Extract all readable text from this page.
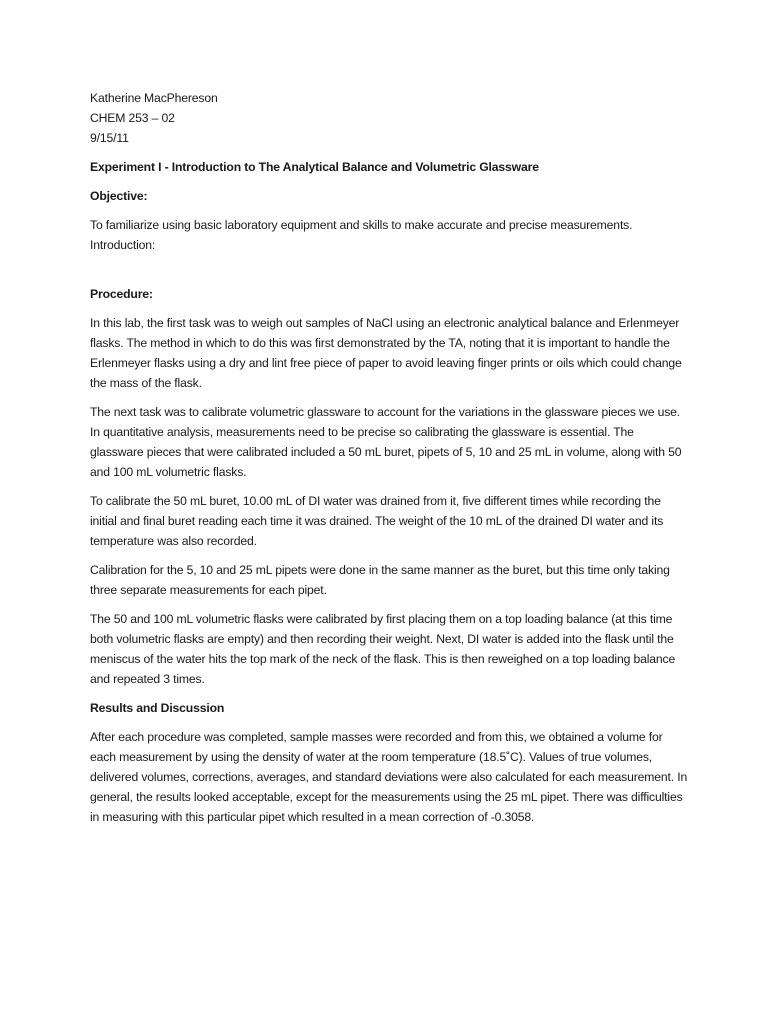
Katherine MacPhereson

CHEM 253 – 02

9/15/11

Experiment I - Introduction to The Analytical Balance and Volumetric Glassware

Objective:

To familiarize using basic laboratory equipment and skills to make accurate and precise measurements.

Introduction:

Procedure:

In this lab, the first task was to weigh out samples of NaCl using an electronic analytical balance and Erlenmeyer flasks. The method in which to do this was first demonstrated by the TA, noting that it is important to handle the Erlenmeyer flasks using a dry and lint free piece of paper to avoid leaving finger prints or oils which could change the mass of the flask.

The next task was to calibrate volumetric glassware to account for the variations in the glassware pieces we use. In quantitative analysis, measurements need to be precise so calibrating the glassware is essential. The glassware pieces that were calibrated included a 50 mL buret, pipets of 5, 10 and 25 mL in volume, along with 50 and 100 mL volumetric flasks.

To calibrate the 50 mL buret, 10.00 mL of DI water was drained from it, five different times while recording the initial and final buret reading each time it was drained. The weight of the 10 mL of the drained DI water and its temperature was also recorded.

Calibration for the 5, 10 and 25 mL pipets were done in the same manner as the buret, but this time only taking three separate measurements for each pipet.

The 50 and 100 mL volumetric flasks were calibrated by first placing them on a top loading balance (at this time both volumetric flasks are empty) and then recording their weight. Next, DI water is added into the flask until the meniscus of the water hits the top mark of the neck of the flask. This is then reweighed on a top loading balance and repeated 3 times.

Results and Discussion

After each procedure was completed, sample masses were recorded and from this, we obtained a volume for each measurement by using the density of water at the room temperature (18.5˚C). Values of true volumes, delivered volumes, corrections, averages, and standard deviations were also calculated for each measurement. In general, the results looked acceptable, except for the measurements using the 25 mL pipet. There was difficulties in measuring with this particular pipet which resulted in a mean correction of -0.3058.
